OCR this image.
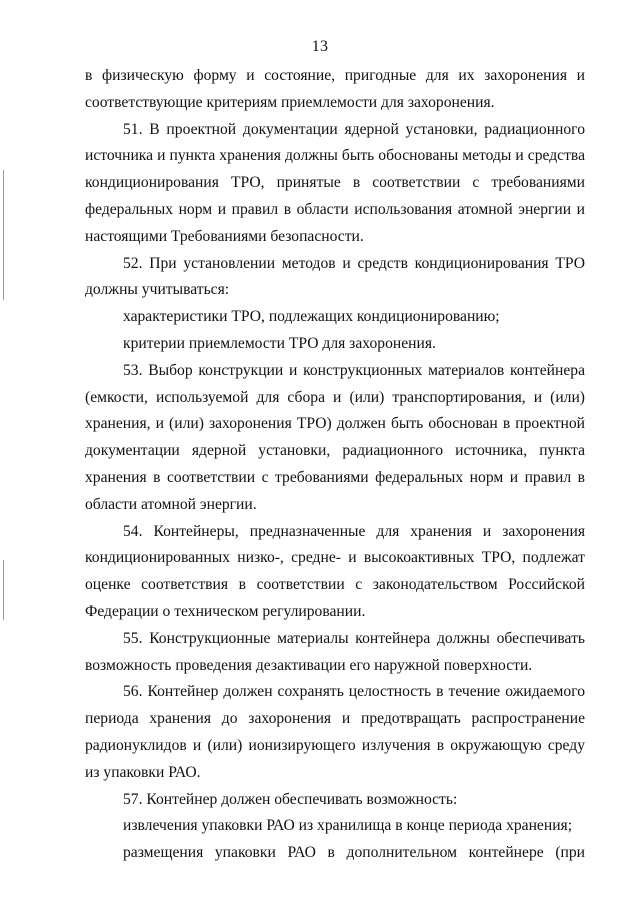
13

в физическую форму и состояние, пригодные для их захоронения и соответствующие критериям приемлемости для захоронения.

51. В проектной документации ядерной установки, радиационного источника и пункта хранения должны быть обоснованы методы и средства кондиционирования ТРО, принятые в соответствии с требованиями федеральных норм и правил в области использования атомной энергии и настоящими Требованиями безопасности.

52. При установлении методов и средств кондиционирования ТРО должны учитываться:

характеристики ТРО, подлежащих кондиционированию;

критерии приемлемости ТРО для захоронения.

53. Выбор конструкции и конструкционных материалов контейнера (емкости, используемой для сбора и (или) транспортирования, и (или) хранения, и (или) захоронения ТРО) должен быть обоснован в проектной документации ядерной установки, радиационного источника, пункта хранения в соответствии с требованиями федеральных норм и правил в области атомной энергии.

54. Контейнеры, предназначенные для хранения и захоронения кондиционированных низко-, средне- и высокоактивных ТРО, подлежат оценке соответствия в соответствии с законодательством Российской Федерации о техническом регулировании.

55. Конструкционные материалы контейнера должны обеспечивать возможность проведения дезактивации его наружной поверхности.

56. Контейнер должен сохранять целостность в течение ожидаемого периода хранения до захоронения и предотвращать распространение радионуклидов и (или) ионизирующего излучения в окружающую среду из упаковки РАО.

57. Контейнер должен обеспечивать возможность:

извлечения упаковки РАО из хранилища в конце периода хранения;

размещения упаковки РАО в дополнительном контейнере (при
